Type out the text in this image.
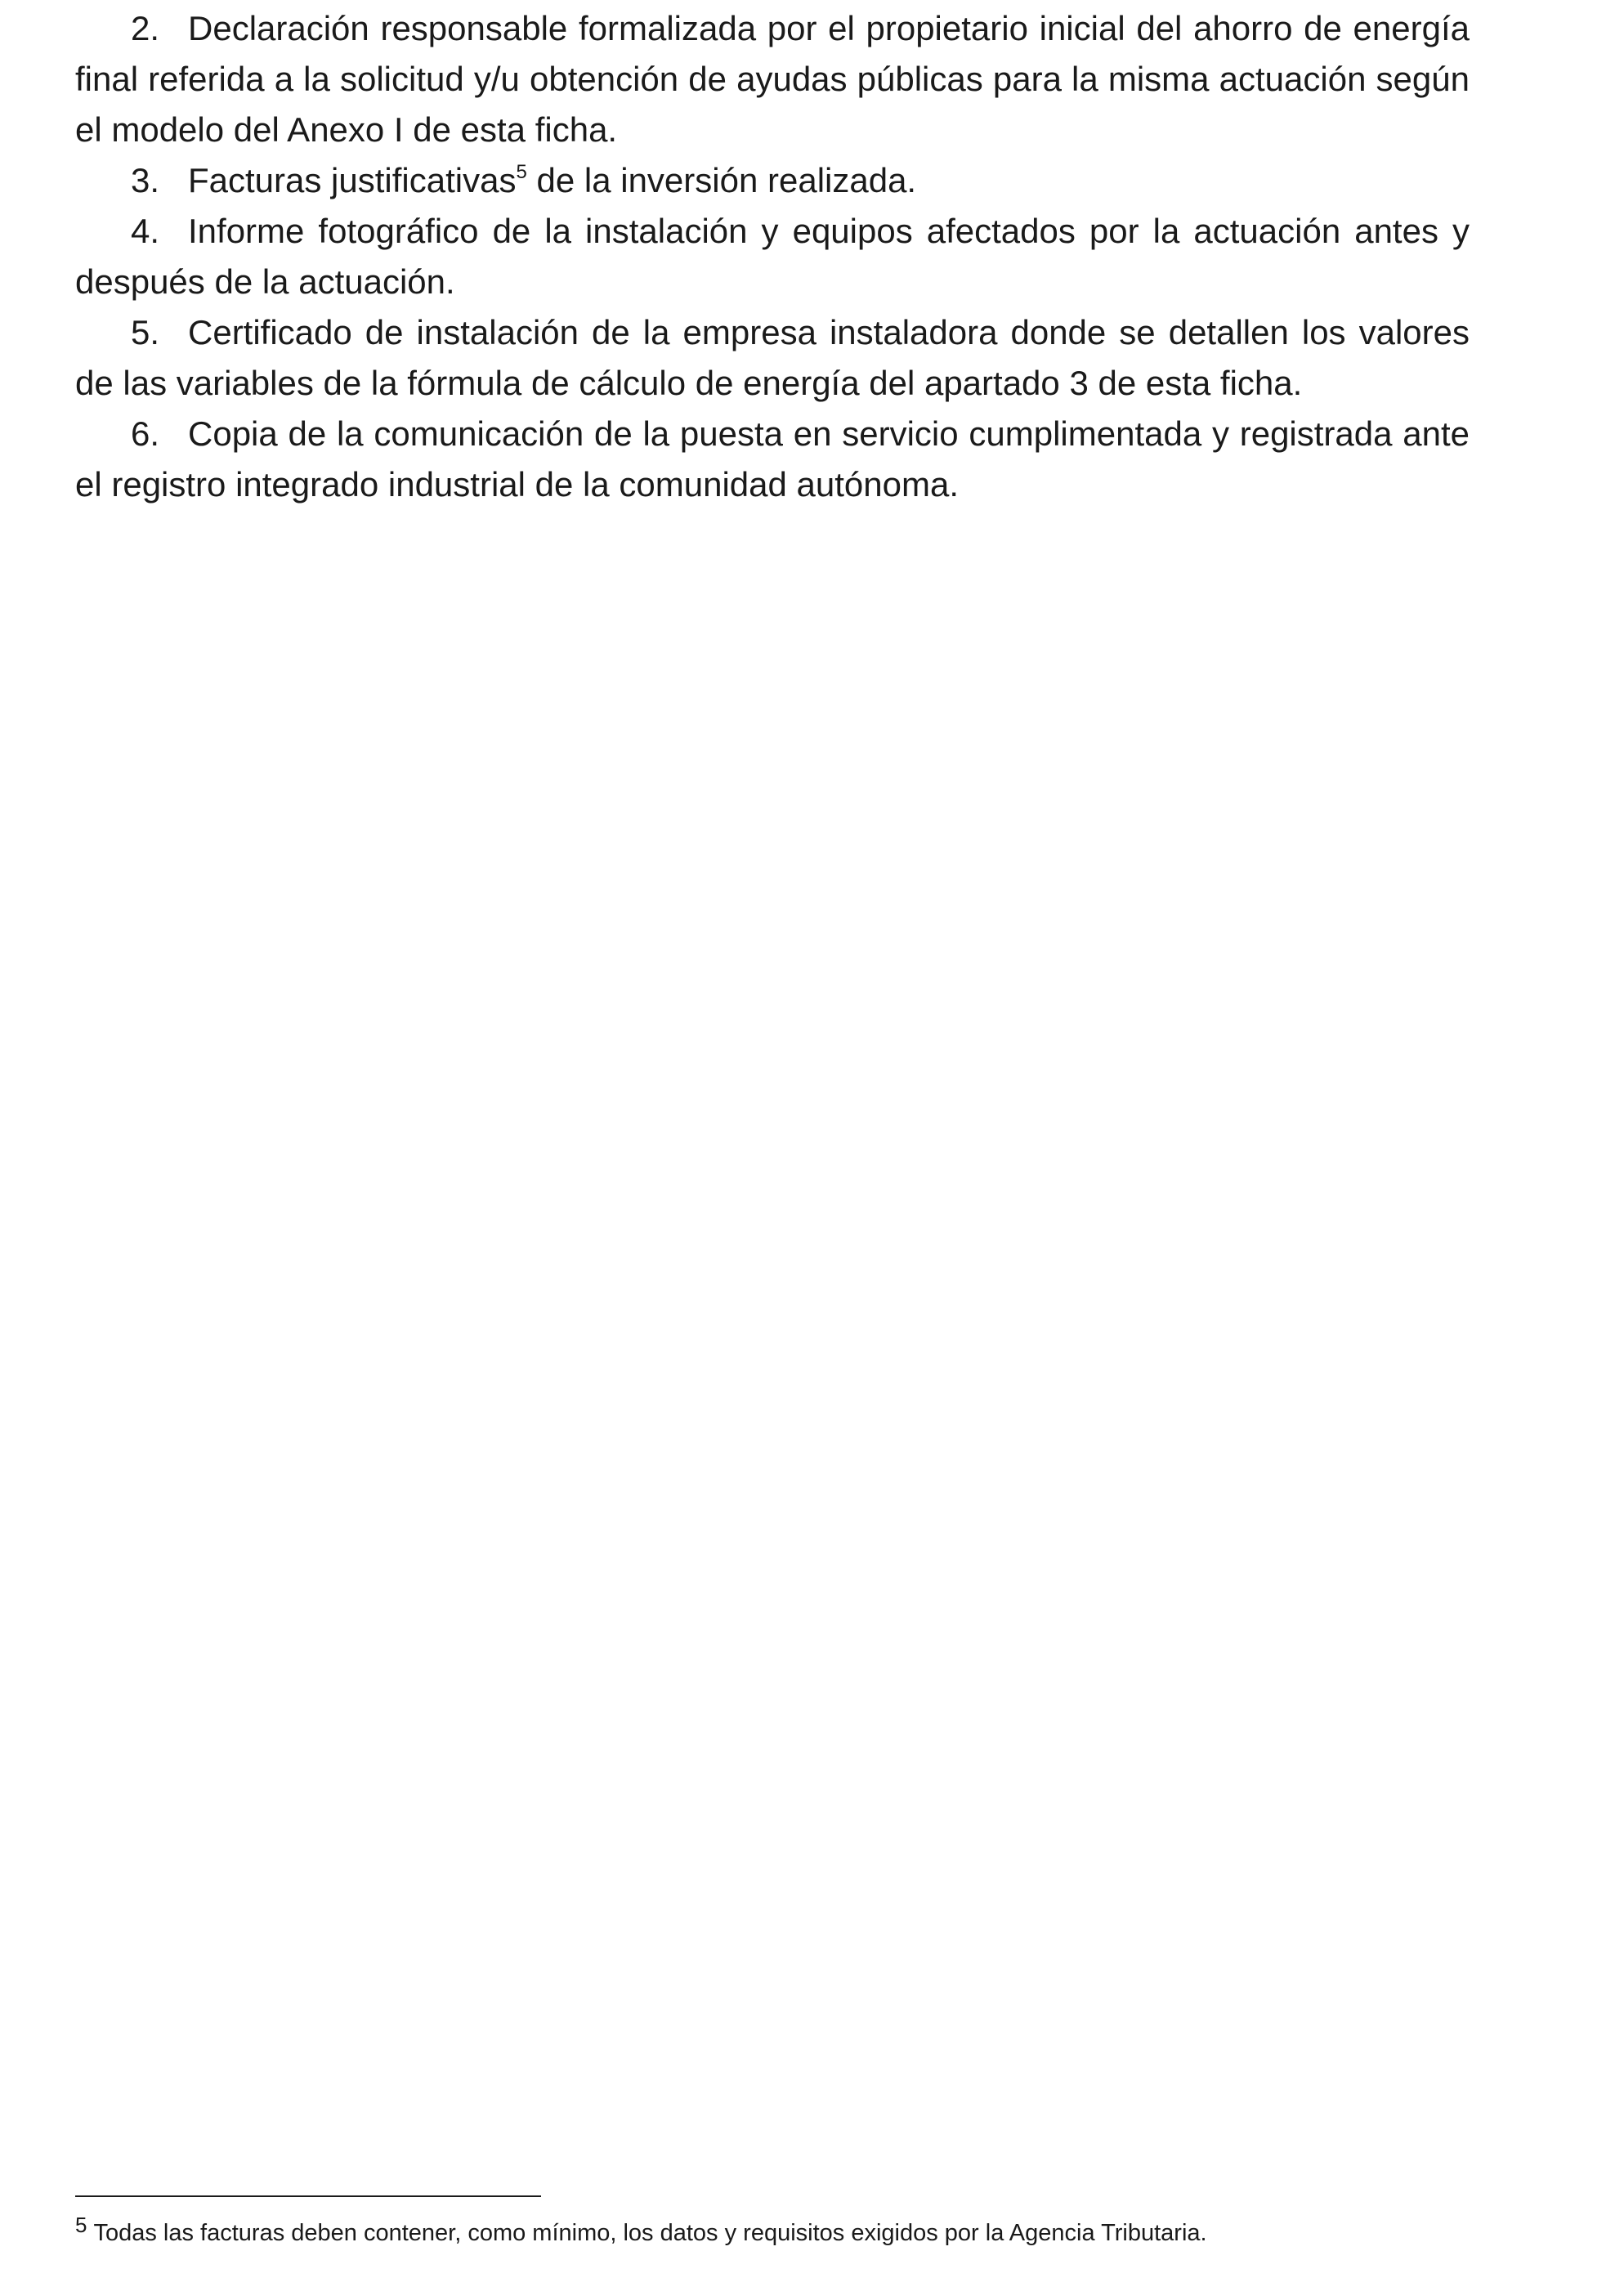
2. Declaración responsable formalizada por el propietario inicial del ahorro de energía final referida a la solicitud y/u obtención de ayudas públicas para la misma actuación según el modelo del Anexo I de esta ficha.

3. Facturas justificativas$^5$ de la inversión realizada.

4. Informe fotográfico de la instalación y equipos afectados por la actuación antes y después de la actuación.

5. Certificado de instalación de la empresa instaladora donde se detallen los valores de las variables de la fórmula de cálculo de energía del apartado 3 de esta ficha.

6. Copia de la comunicación de la puesta en servicio cumplimentada y registrada ante el registro integrado industrial de la comunidad autónoma.

5 Todas las facturas deben contener, como mínimo, los datos y requisitos exigidos por la Agencia Tributaria.
